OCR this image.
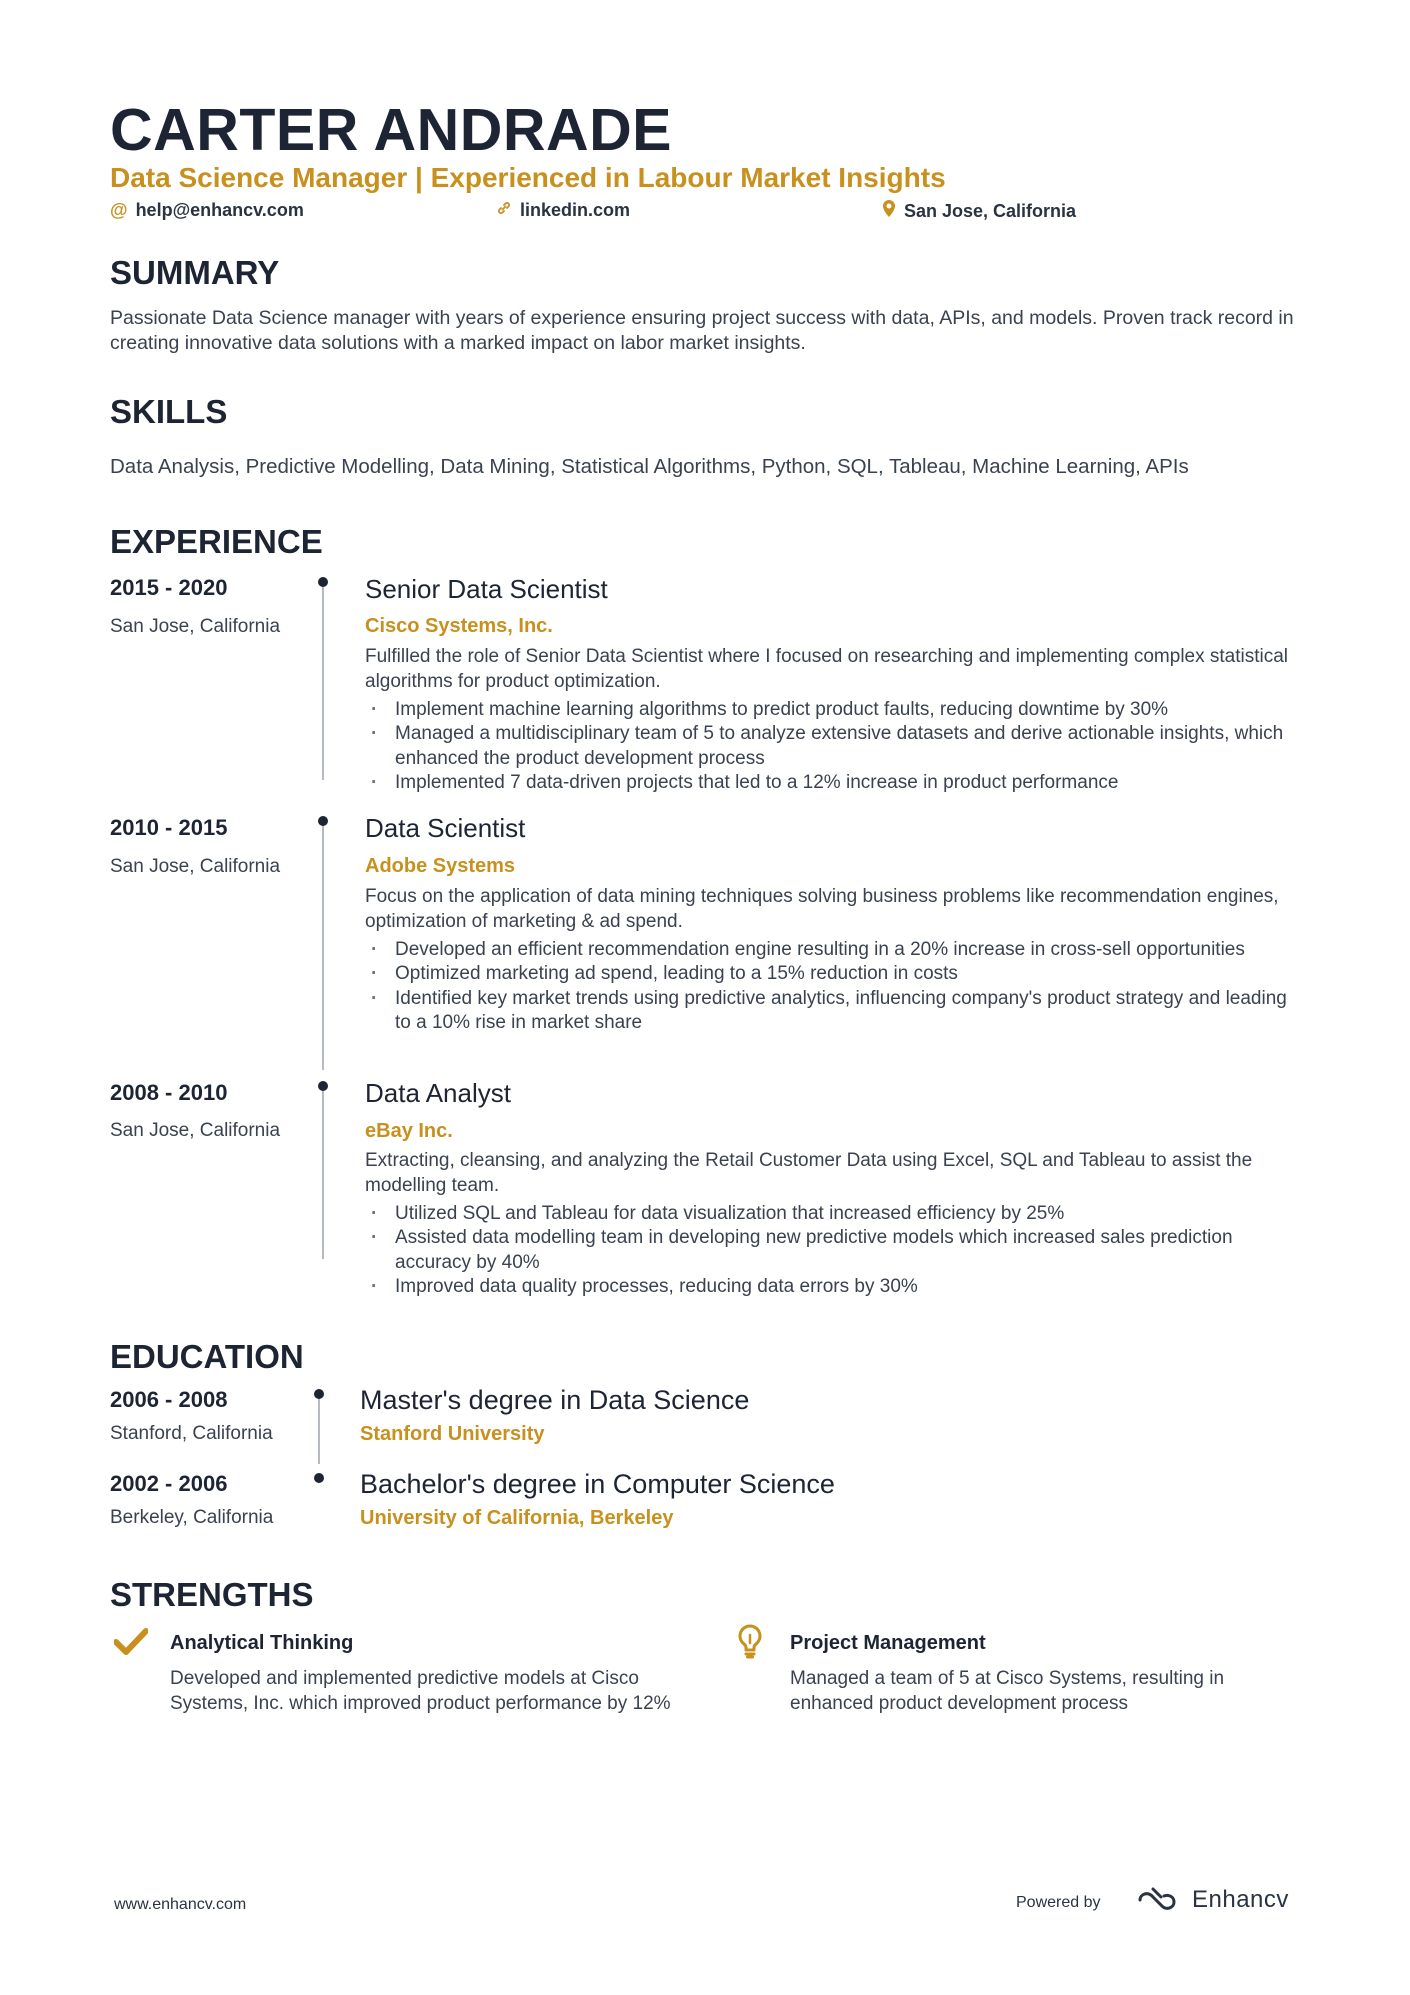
CARTER ANDRADE
Data Science Manager | Experienced in Labour Market Insights
@ help@enhancv.com	linkedin.com	San Jose, California
SUMMARY

Passionate Data Science manager with years of experience ensuring project success with data, APIs, and models. Proven track record in creating innovative data solutions with a marked impact on labor market insights.

SKILLS

Data Analysis, Predictive Modelling, Data Mining, Statistical Algorithms, Python, SQL, Tableau, Machine Learning, APIs

EXPERIENCE
2015 - 2020
San Jose, California
Senior Data Scientist
Cisco Systems, Inc.

Fulfilled the role of Senior Data Scientist where I focused on researching and implementing complex statistical algorithms for product optimization.

· Implement machine learning algorithms to predict product faults, reducing downtime by 30%
· Managed a multidisciplinary team of 5 to analyze extensive datasets and derive actionable insights, which enhanced the product development process
· Implemented 7 data-driven projects that led to a 12% increase in product performance
2010 - 2015
San Jose, California
Data Scientist
Adobe Systems

Focus on the application of data mining techniques solving business problems like recommendation engines, optimization of marketing & ad spend.

· Developed an efficient recommendation engine resulting in a 20% increase in cross-sell opportunities
· Optimized marketing ad spend, leading to a 15% reduction in costs
· Identified key market trends using predictive analytics, influencing company's product strategy and leading to a 10% rise in market share
2008 - 2010
San Jose, California
Data Analyst
eBay Inc.

Extracting, cleansing, and analyzing the Retail Customer Data using Excel, SQL and Tableau to assist the modelling team.

· Utilized SQL and Tableau for data visualization that increased efficiency by 25%
· Assisted data modelling team in developing new predictive models which increased sales prediction accuracy by 40%
· Improved data quality processes, reducing data errors by 30%
EDUCATION
2006 - 2008
Stanford, California
Master's degree in Data Science
Stanford University
2002 - 2006
Berkeley, California
Bachelor's degree in Computer Science
University of California, Berkeley
STRENGTHS
Analytical Thinking

Developed and implemented predictive models at Cisco Systems, Inc. which improved product performance by 12%

Project Management

Managed a team of 5 at Cisco Systems, resulting in enhanced product development process

www.enhancv.com	Powered by	Enhancv
